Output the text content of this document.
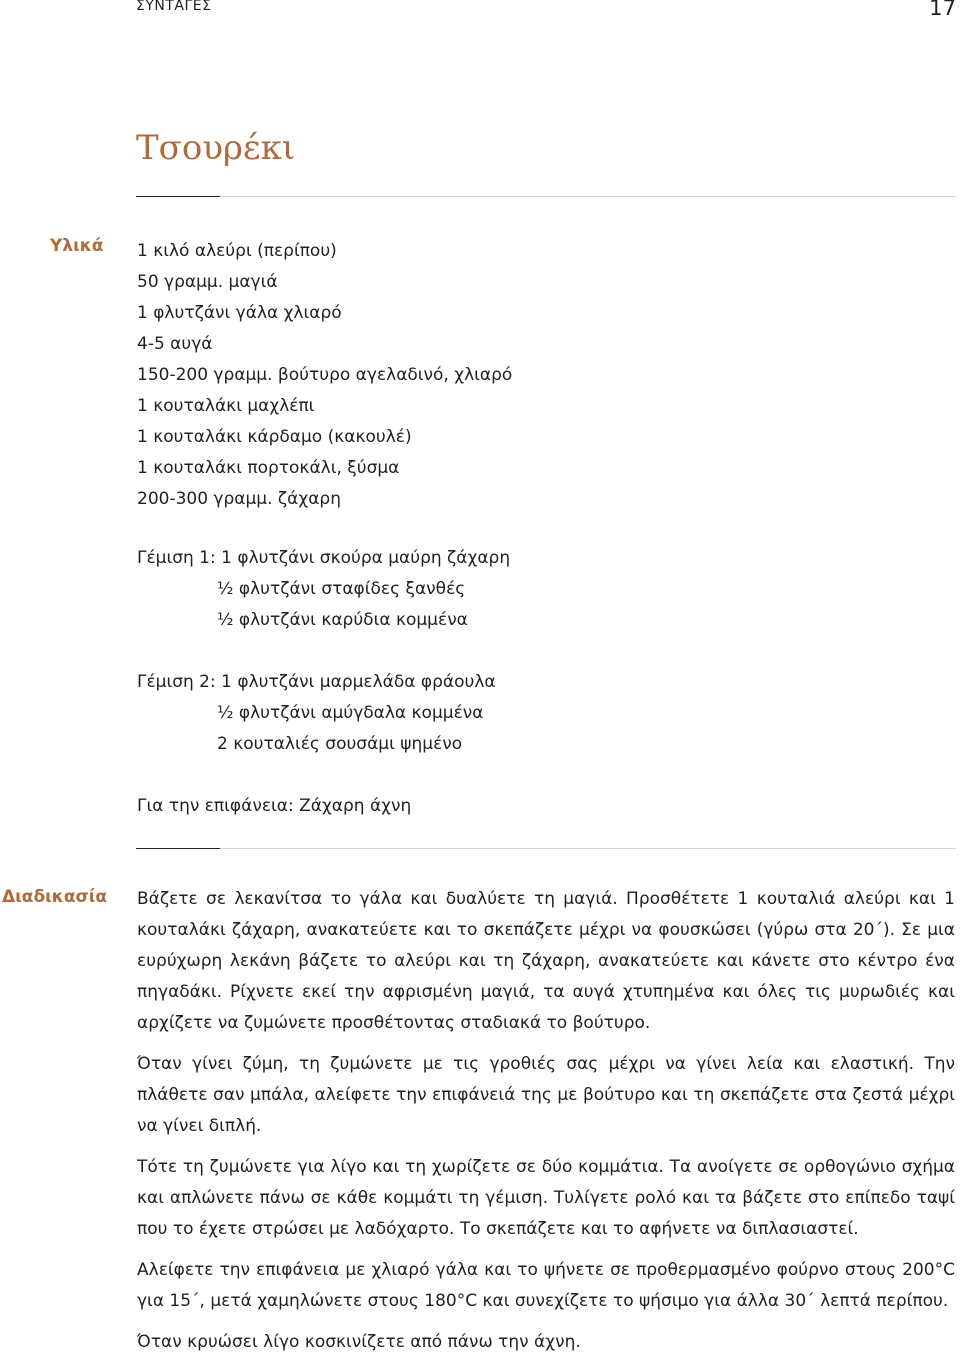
ΣΥΝΤΑΓΕΣ	17
Τσουρέκι
Υλικά 1 κιλό αλεύρι (περίπου)
50 γραμμ. μαγιά
1 φλυτζάνι γάλα χλιαρό
4-5 αυγά
150-200 γραμμ. βούτυρο αγελαδινό, χλιαρό
1 κουταλάκι μαχλέπι
1 κουταλάκι κάρδαμο (κακουλέ)
1 κουταλάκι πορτοκάλι, ξύσμα
200-300 γραμμ. ζάχαρη
Γέμιση 1: 1 φλυτζάνι σκούρα μαύρη ζάχαρη
½ φλυτζάνι σταφίδες ξανθές
½ φλυτζάνι καρύδια κομμένα
Γέμιση 2: 1 φλυτζάνι μαρμελάδα φράουλα
½ φλυτζάνι αμύγδαλα κομμένα
2 κουταλιές σουσάμι ψημένο
Για την επιφάνεια: Ζάχαρη άχνη
Διαδικασία Βάζετε σε λεκανίτσα το γάλα και δυαλύετε τη μαγιά. Προσθέτετε 1 κουταλιά αλεύρι και 1 κουταλάκι ζάχαρη, ανακατεύετε και το σκεπάζετε μέχρι να φουσκώσει (γύρω στα 20΄). Σε μια ευρύχωρη λεκάνη βάζετε το αλεύρι και τη ζάχαρη, ανακατεύετε και κάνετε στο κέντρο ένα πηγαδάκι. Ρίχνετε εκεί την αφρισμένη μαγιά, τα αυγά χτυπημένα και όλες τις μυρωδιές και αρχίζετε να ζυμώνετε προσθέτοντας σταδιακά το βούτυρο.

Όταν γίνει ζύμη, τη ζυμώνετε με τις γροθιές σας μέχρι να γίνει λεία και ελαστική. Την πλάθετε σαν μπάλα, αλείφετε την επιφάνειά της με βούτυρο και τη σκεπάζετε στα ζεστά μέχρι να γίνει διπλή.

Τότε τη ζυμώνετε για λίγο και τη χωρίζετε σε δύο κομμάτια. Τα ανοίγετε σε ορθογώνιο σχήμα και απλώνετε πάνω σε κάθε κομμάτι τη γέμιση. Τυλίγετε ρολό και τα βάζετε στο επίπεδο ταψί που το έχετε στρώσει με λαδόχαρτο. Το σκεπάζετε και το αφήνετε να διπλασιαστεί.

Αλείφετε την επιφάνεια με χλιαρό γάλα και το ψήνετε σε προθερμασμένο φούρνο στους 200°C για 15΄, μετά χαμηλώνετε στους 180°C και συνεχίζετε το ψήσιμο για άλλα 30΄ λεπτά περίπου.

Όταν κρυώσει λίγο κοσκινίζετε από πάνω την άχνη.
